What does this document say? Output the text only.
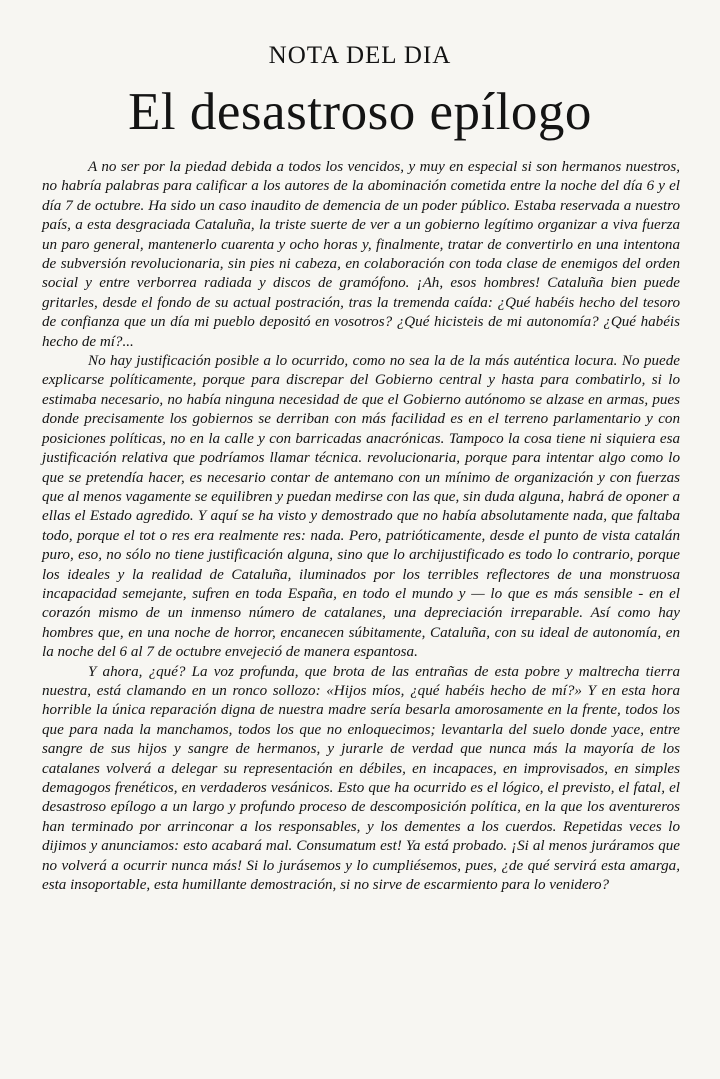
NOTA DEL DIA
El desastroso epílogo

A no ser por la piedad debida a todos los vencidos, y muy en especial si son hermanos nuestros, no habría palabras para calificar a los autores de la abominación cometida entre la noche del día 6 y el día 7 de octubre. Ha sido un caso inaudito de demencia de un poder público. Estaba reservada a nuestro país, a esta desgraciada Cataluña, la triste suerte de ver a un gobierno legítimo organizar a viva fuerza un paro general, mantenerlo cuarenta y ocho horas y, finalmente, tratar de convertirlo en una intentona de subversión revolucionaria, sin pies ni cabeza, en colaboración con toda clase de enemigos del orden social y entre verborrea radiada y discos de gramófono. ¡Ah, esos hombres! Cataluña bien puede gritarles, desde el fondo de su actual postración, tras la tremenda caída: ¿Qué habéis hecho del tesoro de confianza que un día mi pueblo depositó en vosotros? ¿Qué hicisteis de mi autonomía? ¿Qué habéis hecho de mí?...

No hay justificación posible a lo ocurrido, como no sea la de la más auténtica locura. No puede explicarse políticamente, porque para discrepar del Gobierno central y hasta para combatirlo, si lo estimaba necesario, no había ninguna necesidad de que el Gobierno autónomo se alzase en armas, pues donde precisamente los gobiernos se derriban con más facilidad es en el terreno parlamentario y con posiciones políticas, no en la calle y con barricadas anacrónicas. Tampoco la cosa tiene ni siquiera esa justificación relativa que podríamos llamar técnica. revolucionaria, porque para intentar algo como lo que se pretendía hacer, es necesario contar de antemano con un mínimo de organización y con fuerzas que al menos vagamente se equilibren y puedan medirse con las que, sin duda alguna, habrá de oponer a ellas el Estado agredido. Y aquí se ha visto y demostrado que no había absolutamente nada, que faltaba todo, porque el tot o res era realmente res: nada. Pero, patrióticamente, desde el punto de vista catalán puro, eso, no sólo no tiene justificación alguna, sino que lo archijustificado es todo lo contrario, porque los ideales y la realidad de Cataluña, iluminados por los terribles reflectores de una monstruosa incapacidad semejante, sufren en toda España, en todo el mundo y — lo que es más sensible - en el corazón mismo de un inmenso número de catalanes, una depreciación irreparable. Así como hay hombres que, en una noche de horror, encanecen súbitamente, Cataluña, con su ideal de autonomía, en la noche del 6 al 7 de octubre envejeció de manera espantosa.

Y ahora, ¿qué? La voz profunda, que brota de las entrañas de esta pobre y maltrecha tierra nuestra, está clamando en un ronco sollozo: «Hijos míos, ¿qué habéis hecho de mí?» Y en esta hora horrible la única reparación digna de nuestra madre sería besarla amorosamente en la frente, todos los que para nada la manchamos, todos los que no enloquecimos; levantarla del suelo donde yace, entre sangre de sus hijos y sangre de hermanos, y jurarle de verdad que nunca más la mayoría de los catalanes volverá a delegar su representación en débiles, en incapaces, en improvisados, en simples demagogos frenéticos, en verdaderos vesánicos. Esto que ha ocurrido es el lógico, el previsto, el fatal, el desastroso epílogo a un largo y profundo proceso de descomposición política, en la que los aventureros han terminado por arrinconar a los responsables, y los dementes a los cuerdos. Repetidas veces lo dijimos y anunciamos: esto acabará mal. Consumatum est! Ya está probado. ¡Si al menos juráramos que no volverá a ocurrir nunca más! Si lo jurásemos y lo cumpliésemos, pues, ¿de qué servirá esta amarga, esta insoportable, esta humillante demostración, si no sirve de escarmiento para lo venidero?
